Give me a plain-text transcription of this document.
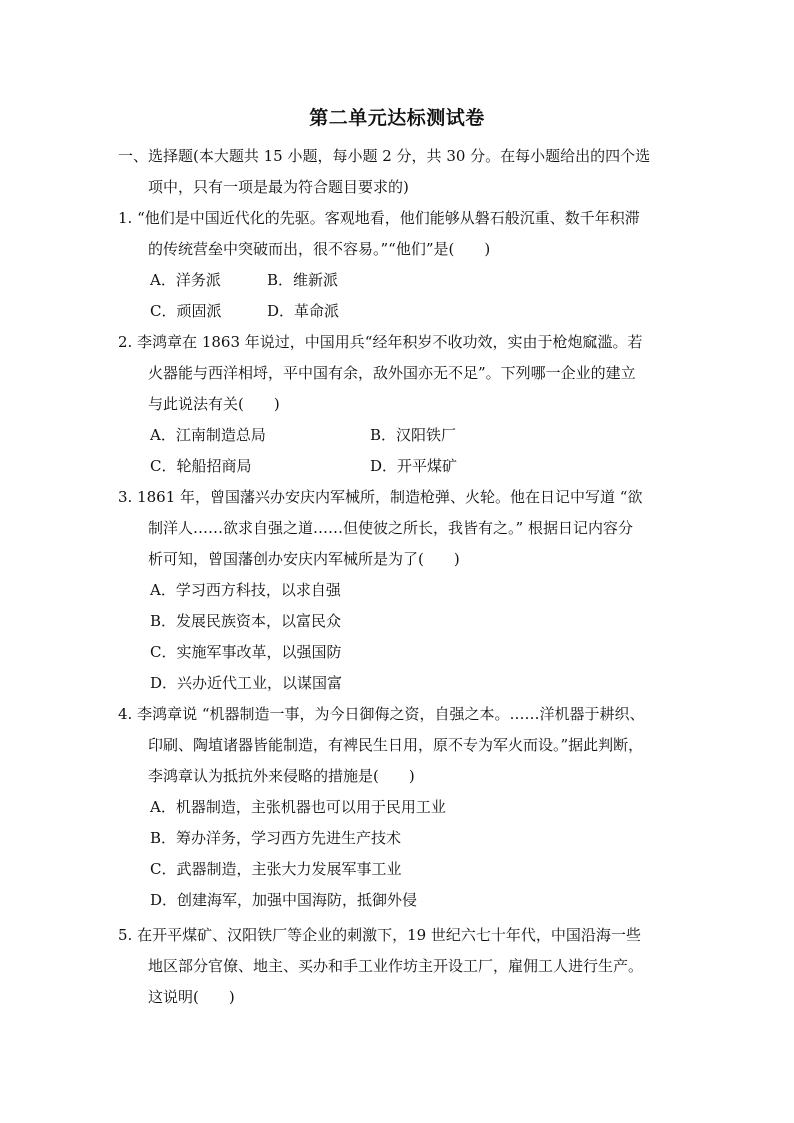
第二单元达标测试卷
一、选择题(本大题共 15 小题，每小题 2 分，共 30 分。在每小题给出的四个选
项中，只有一项是最为符合题目要求的)
1. “他们是中国近代化的先驱。客观地看，他们能够从磐石般沉重、数千年积滞
的传统营垒中突破而出，很不容易。”“他们”是(　　)
A．洋务派	B．维新派
C．顽固派	D．革命派
2. 李鸿章在 1863 年说过，中国用兵“经年积岁不收功效，实由于枪炮窳滥。若
火器能与西洋相埒，平中国有余，敌外国亦无不足”。下列哪一企业的建立
与此说法有关(　　)
A．江南制造总局	B．汉阳铁厂
C．轮船招商局	D．开平煤矿
3. 1861 年，曾国藩兴办安庆内军械所，制造枪弹、火轮。他在日记中写道 “欲
制洋人……欲求自强之道……但使彼之所长，我皆有之。” 根据日记内容分
析可知，曾国藩创办安庆内军械所是为了(　　)
A．学习西方科技，以求自强
B．发展民族资本，以富民众
C．实施军事改革，以强国防
D．兴办近代工业，以谋国富
4. 李鸿章说 “机器制造一事，为今日御侮之资，自强之本。……洋机器于耕织、
印刷、陶埴诸器皆能制造，有裨民生日用，原不专为军火而设。”据此判断，
李鸿章认为抵抗外来侵略的措施是(　　)
A．机器制造，主张机器也可以用于民用工业
B．筹办洋务，学习西方先进生产技术
C．武器制造，主张大力发展军事工业
D．创建海军，加强中国海防，抵御外侵
5. 在开平煤矿、汉阳铁厂等企业的刺激下，19 世纪六七十年代，中国沿海一些
地区部分官僚、地主、买办和手工业作坊主开设工厂，雇佣工人进行生产。
这说明(　　)
